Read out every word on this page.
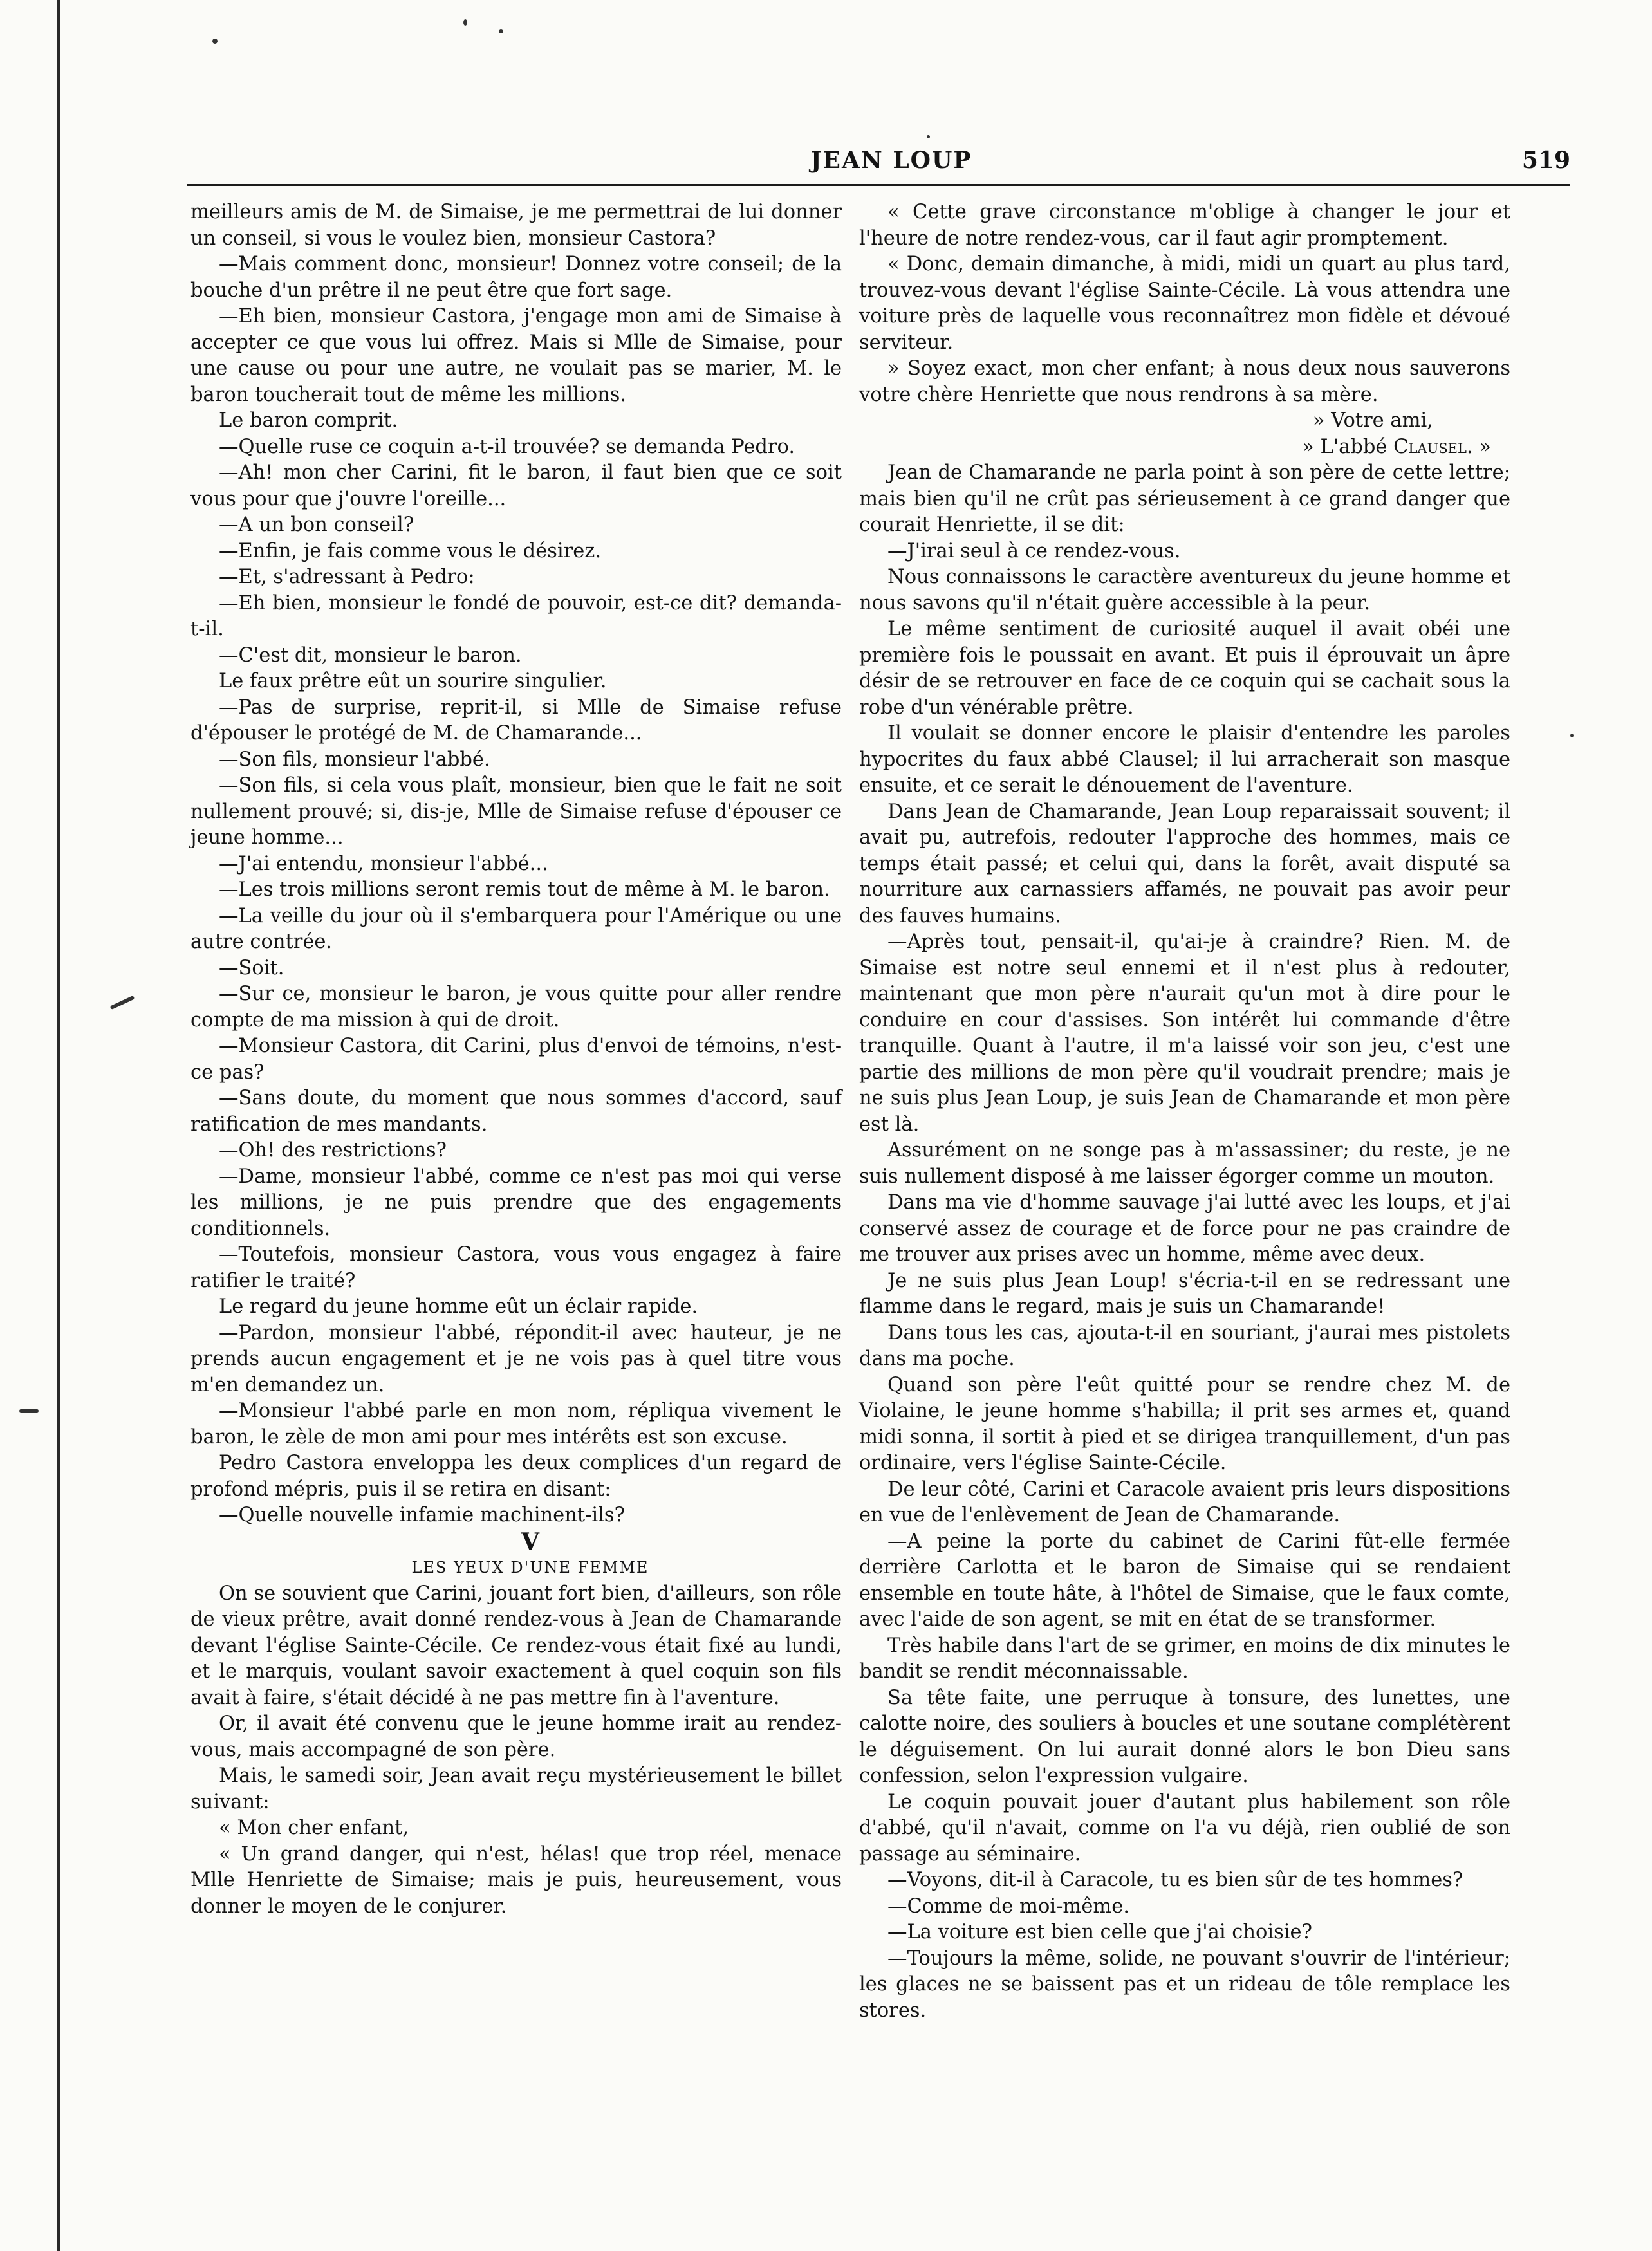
JEAN LOUP	519

meilleurs amis de M. de Simaise, je me permettrai de lui donner un conseil, si vous le voulez bien, monsieur Castora?

—Mais comment donc, monsieur! Donnez votre conseil; de la bouche d'un prêtre il ne peut être que fort sage.

—Eh bien, monsieur Castora, j'engage mon ami de Simaise à accepter ce que vous lui offrez. Mais si Mlle de Simaise, pour une cause ou pour une autre, ne voulait pas se marier, M. le baron toucherait tout de même les millions.

Le baron comprit.

—Quelle ruse ce coquin a-t-il trouvée? se demanda Pedro.

—Ah! mon cher Carini, fit le baron, il faut bien que ce soit vous pour que j'ouvre l'oreille...

—A un bon conseil?

—Enfin, je fais comme vous le désirez.

—Et, s'adressant à Pedro:

—Eh bien, monsieur le fondé de pouvoir, est-ce dit? demanda-t-il.

—C'est dit, monsieur le baron.

Le faux prêtre eût un sourire singulier.

—Pas de surprise, reprit-il, si Mlle de Simaise refuse d'épouser le protégé de M. de Chamarande...

—Son fils, monsieur l'abbé.

—Son fils, si cela vous plaît, monsieur, bien que le fait ne soit nullement prouvé; si, dis-je, Mlle de Simaise refuse d'épouser ce jeune homme...

—J'ai entendu, monsieur l'abbé...

—Les trois millions seront remis tout de même à M. le baron.

—La veille du jour où il s'embarquera pour l'Amérique ou une autre contrée.

—Soit.

—Sur ce, monsieur le baron, je vous quitte pour aller rendre compte de ma mission à qui de droit.

—Monsieur Castora, dit Carini, plus d'envoi de témoins, n'est-ce pas?

—Sans doute, du moment que nous sommes d'accord, sauf ratification de mes mandants.

—Oh! des restrictions?

—Dame, monsieur l'abbé, comme ce n'est pas moi qui verse les millions, je ne puis prendre que des engagements conditionnels.

—Toutefois, monsieur Castora, vous vous engagez à faire ratifier le traité?

Le regard du jeune homme eût un éclair rapide.

—Pardon, monsieur l'abbé, répondit-il avec hauteur, je ne prends aucun engagement et je ne vois pas à quel titre vous m'en demandez un.

—Monsieur l'abbé parle en mon nom, répliqua vivement le baron, le zèle de mon ami pour mes intérêts est son excuse.

Pedro Castora enveloppa les deux complices d'un regard de profond mépris, puis il se retira en disant:

—Quelle nouvelle infamie machinent-ils?

V

LES YEUX D'UNE FEMME

On se souvient que Carini, jouant fort bien, d'ailleurs, son rôle de vieux prêtre, avait donné rendez-vous à Jean de Chamarande devant l'église Sainte-Cécile. Ce rendez-vous était fixé au lundi, et le marquis, voulant savoir exactement à quel coquin son fils avait à faire, s'était décidé à ne pas mettre fin à l'aventure.

Or, il avait été convenu que le jeune homme irait au rendez-vous, mais accompagné de son père.

Mais, le samedi soir, Jean avait reçu mystérieusement le billet suivant:

« Mon cher enfant,

« Un grand danger, qui n'est, hélas! que trop réel, menace Mlle Henriette de Simaise; mais je puis, heureusement, vous donner le moyen de le conjurer.

« Cette grave circonstance m'oblige à changer le jour et l'heure de notre rendez-vous, car il faut agir promptement.

« Donc, demain dimanche, à midi, midi un quart au plus tard, trouvez-vous devant l'église Sainte-Cécile. Là vous attendra une voiture près de laquelle vous reconnaîtrez mon fidèle et dévoué serviteur.

» Soyez exact, mon cher enfant; à nous deux nous sauverons votre chère Henriette que nous rendrons à sa mère.

» Votre ami,

» L'abbé Clausel. »

Jean de Chamarande ne parla point à son père de cette lettre; mais bien qu'il ne crût pas sérieusement à ce grand danger que courait Henriette, il se dit:

—J'irai seul à ce rendez-vous.

Nous connaissons le caractère aventureux du jeune homme et nous savons qu'il n'était guère accessible à la peur.

Le même sentiment de curiosité auquel il avait obéi une première fois le poussait en avant. Et puis il éprouvait un âpre désir de se retrouver en face de ce coquin qui se cachait sous la robe d'un vénérable prêtre.

Il voulait se donner encore le plaisir d'entendre les paroles hypocrites du faux abbé Clausel; il lui arracherait son masque ensuite, et ce serait le dénouement de l'aventure.

Dans Jean de Chamarande, Jean Loup reparaissait souvent; il avait pu, autrefois, redouter l'approche des hommes, mais ce temps était passé; et celui qui, dans la forêt, avait disputé sa nourriture aux carnassiers affamés, ne pouvait pas avoir peur des fauves humains.

—Après tout, pensait-il, qu'ai-je à craindre? Rien. M. de Simaise est notre seul ennemi et il n'est plus à redouter, maintenant que mon père n'aurait qu'un mot à dire pour le conduire en cour d'assises. Son intérêt lui commande d'être tranquille. Quant à l'autre, il m'a laissé voir son jeu, c'est une partie des millions de mon père qu'il voudrait prendre; mais je ne suis plus Jean Loup, je suis Jean de Chamarande et mon père est là.

Assurément on ne songe pas à m'assassiner; du reste, je ne suis nullement disposé à me laisser égorger comme un mouton.

Dans ma vie d'homme sauvage j'ai lutté avec les loups, et j'ai conservé assez de courage et de force pour ne pas craindre de me trouver aux prises avec un homme, même avec deux.

Je ne suis plus Jean Loup! s'écria-t-il en se redressant une flamme dans le regard, mais je suis un Chamarande!

Dans tous les cas, ajouta-t-il en souriant, j'aurai mes pistolets dans ma poche.

Quand son père l'eût quitté pour se rendre chez M. de Violaine, le jeune homme s'habilla; il prit ses armes et, quand midi sonna, il sortit à pied et se dirigea tranquillement, d'un pas ordinaire, vers l'église Sainte-Cécile.

De leur côté, Carini et Caracole avaient pris leurs dispositions en vue de l'enlèvement de Jean de Chamarande.

—A peine la porte du cabinet de Carini fût-elle fermée derrière Carlotta et le baron de Simaise qui se rendaient ensemble en toute hâte, à l'hôtel de Simaise, que le faux comte, avec l'aide de son agent, se mit en état de se transformer.

Très habile dans l'art de se grimer, en moins de dix minutes le bandit se rendit méconnaissable.

Sa tête faite, une perruque à tonsure, des lunettes, une calotte noire, des souliers à boucles et une soutane complétèrent le déguisement. On lui aurait donné alors le bon Dieu sans confession, selon l'expression vulgaire.

Le coquin pouvait jouer d'autant plus habilement son rôle d'abbé, qu'il n'avait, comme on l'a vu déjà, rien oublié de son passage au séminaire.

—Voyons, dit-il à Caracole, tu es bien sûr de tes hommes?

—Comme de moi-même.

—La voiture est bien celle que j'ai choisie?

—Toujours la même, solide, ne pouvant s'ouvrir de l'intérieur; les glaces ne se baissent pas et un rideau de tôle remplace les stores.
